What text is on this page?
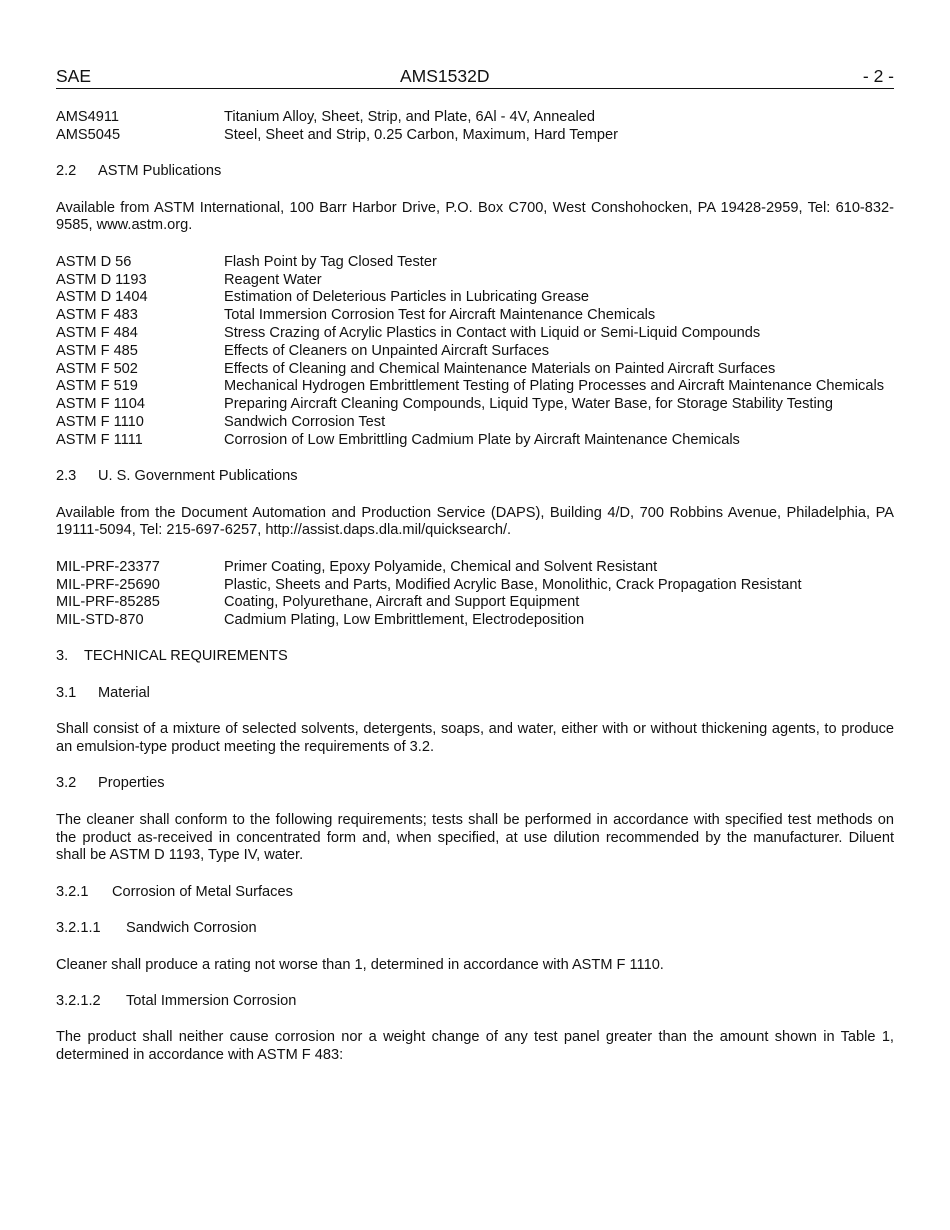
SAE	AMS1532D	- 2 -
AMS4911	Titanium Alloy, Sheet, Strip, and Plate, 6Al - 4V, Annealed
AMS5045	Steel, Sheet and Strip, 0.25 Carbon, Maximum, Hard Temper
2.2 ASTM Publications

Available from ASTM International, 100 Barr Harbor Drive, P.O. Box C700, West Conshohocken, PA 19428-2959, Tel: 610-832-9585, www.astm.org.

ASTM D 56	Flash Point by Tag Closed Tester
ASTM D 1193	Reagent Water
ASTM D 1404	Estimation of Deleterious Particles in Lubricating Grease
ASTM F 483	Total Immersion Corrosion Test for Aircraft Maintenance Chemicals
ASTM F 484	Stress Crazing of Acrylic Plastics in Contact with Liquid or Semi-Liquid Compounds
ASTM F 485	Effects of Cleaners on Unpainted Aircraft Surfaces
ASTM F 502	Effects of Cleaning and Chemical Maintenance Materials on Painted Aircraft Surfaces
ASTM F 519	Mechanical Hydrogen Embrittlement Testing of Plating Processes and Aircraft Maintenance Chemicals
ASTM F 1104	Preparing Aircraft Cleaning Compounds, Liquid Type, Water Base, for Storage Stability Testing
ASTM F 1110	Sandwich Corrosion Test
ASTM F 1111	Corrosion of Low Embrittling Cadmium Plate by Aircraft Maintenance Chemicals
2.3 U. S. Government Publications

Available from the Document Automation and Production Service (DAPS), Building 4/D, 700 Robbins Avenue, Philadelphia, PA 19111-5094, Tel: 215-697-6257, http://assist.daps.dla.mil/quicksearch/.

MIL-PRF-23377	Primer Coating, Epoxy Polyamide, Chemical and Solvent Resistant
MIL-PRF-25690	Plastic, Sheets and Parts, Modified Acrylic Base, Monolithic, Crack Propagation Resistant
MIL-PRF-85285	Coating, Polyurethane, Aircraft and Support Equipment
MIL-STD-870	Cadmium Plating, Low Embrittlement, Electrodeposition
3. TECHNICAL REQUIREMENTS
3.1 Material

Shall consist of a mixture of selected solvents, detergents, soaps, and water, either with or without thickening agents, to produce an emulsion-type product meeting the requirements of 3.2.

3.2 Properties

The cleaner shall conform to the following requirements; tests shall be performed in accordance with specified test methods on the product as-received in concentrated form and, when specified, at use dilution recommended by the manufacturer. Diluent shall be ASTM D 1193, Type IV, water.

3.2.1 Corrosion of Metal Surfaces
3.2.1.1 Sandwich Corrosion

Cleaner shall produce a rating not worse than 1, determined in accordance with ASTM F 1110.

3.2.1.2 Total Immersion Corrosion

The product shall neither cause corrosion nor a weight change of any test panel greater than the amount shown in Table 1, determined in accordance with ASTM F 483:
